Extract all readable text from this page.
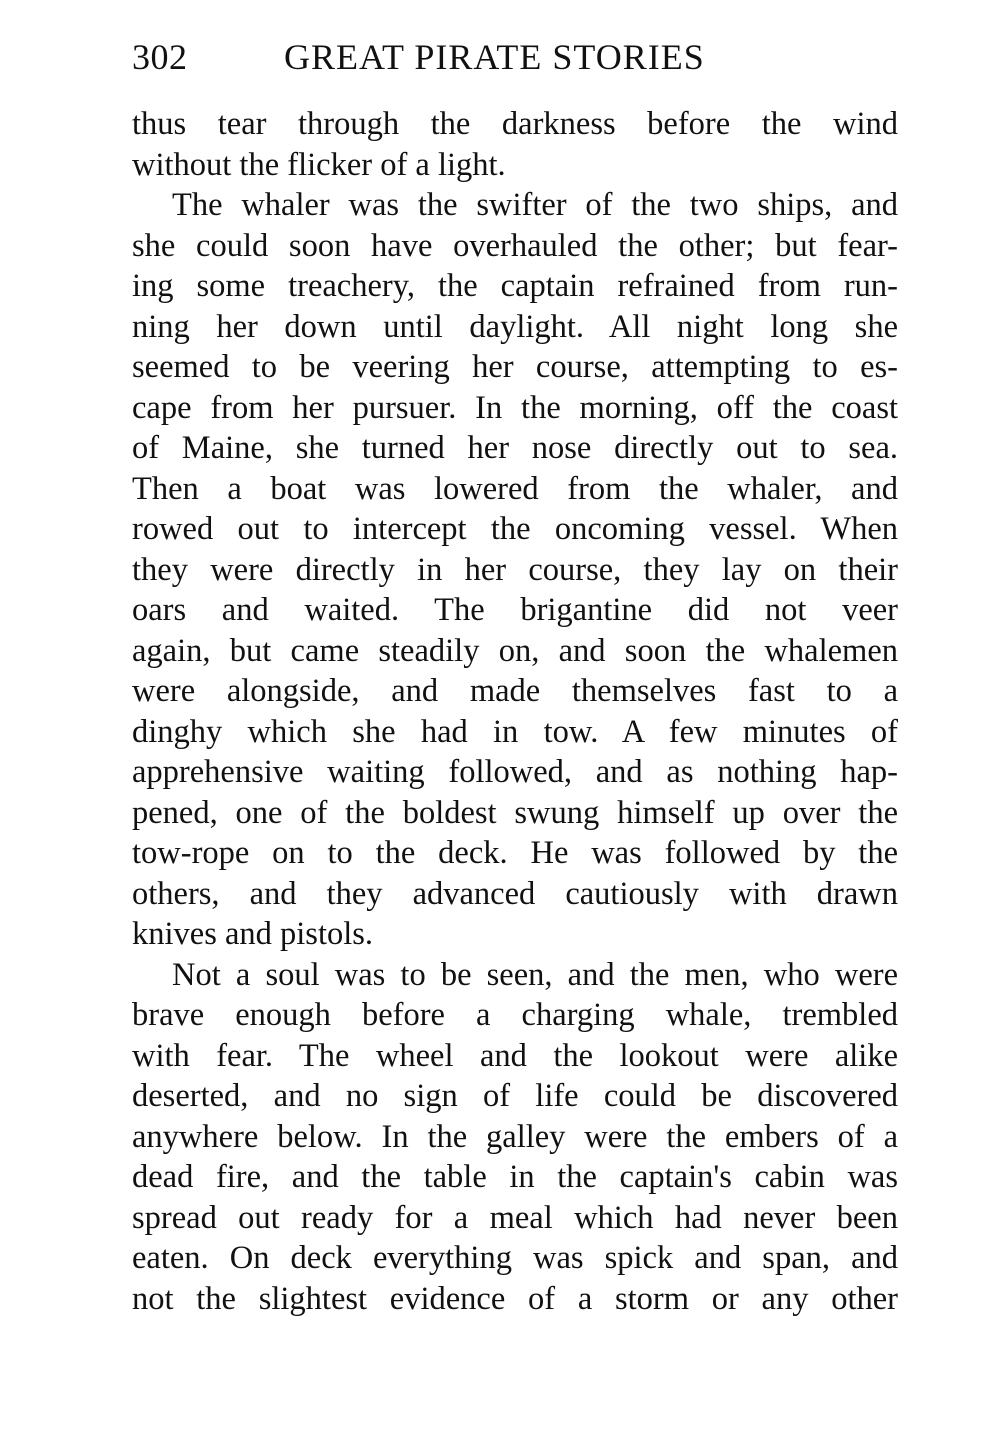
302	GREAT PIRATE STORIES
thus tear through the darkness before the wind
without the flicker of a light.
The whaler was the swifter of the two ships, and
she could soon have overhauled the other; but fear-
ing some treachery, the captain refrained from run-
ning her down until daylight. All night long she
seemed to be veering her course, attempting to es-
cape from her pursuer. In the morning, off the coast
of Maine, she turned her nose directly out to sea.
Then a boat was lowered from the whaler, and
rowed out to intercept the oncoming vessel. When
they were directly in her course, they lay on their
oars and waited. The brigantine did not veer
again, but came steadily on, and soon the whalemen
were alongside, and made themselves fast to a
dinghy which she had in tow. A few minutes of
apprehensive waiting followed, and as nothing hap-
pened, one of the boldest swung himself up over the
tow-rope on to the deck. He was followed by the
others, and they advanced cautiously with drawn
knives and pistols.
Not a soul was to be seen, and the men, who were
brave enough before a charging whale, trembled
with fear. The wheel and the lookout were alike
deserted, and no sign of life could be discovered
anywhere below. In the galley were the embers of a
dead fire, and the table in the captain's cabin was
spread out ready for a meal which had never been
eaten. On deck everything was spick and span, and
not the slightest evidence of a storm or any other
